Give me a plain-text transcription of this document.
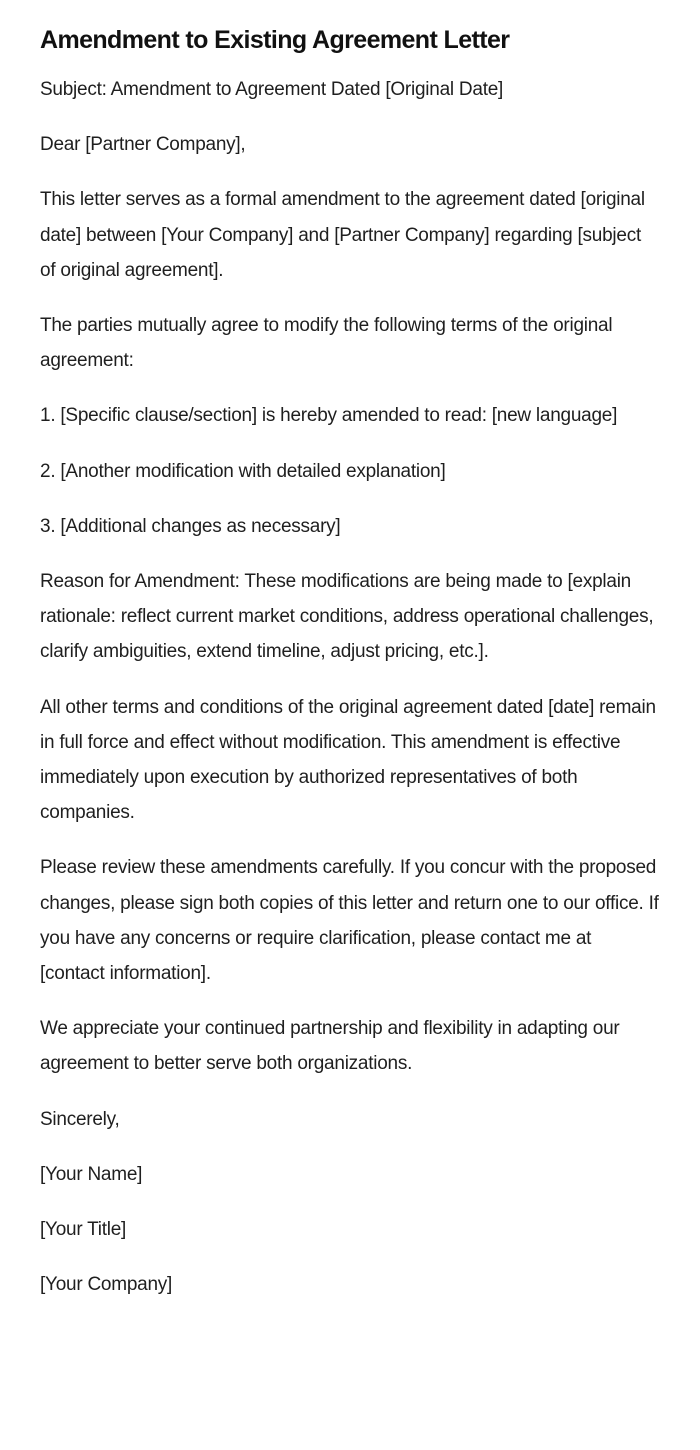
Amendment to Existing Agreement Letter

Subject: Amendment to Agreement Dated [Original Date]

Dear [Partner Company],

This letter serves as a formal amendment to the agreement dated [original date] between [Your Company] and [Partner Company] regarding [subject of original agreement].

The parties mutually agree to modify the following terms of the original agreement:

1. [Specific clause/section] is hereby amended to read: [new language]

2. [Another modification with detailed explanation]

3. [Additional changes as necessary]

Reason for Amendment: These modifications are being made to [explain rationale: reflect current market conditions, address operational challenges, clarify ambiguities, extend timeline, adjust pricing, etc.].

All other terms and conditions of the original agreement dated [date] remain in full force and effect without modification. This amendment is effective immediately upon execution by authorized representatives of both companies.

Please review these amendments carefully. If you concur with the proposed changes, please sign both copies of this letter and return one to our office. If you have any concerns or require clarification, please contact me at [contact information].

We appreciate your continued partnership and flexibility in adapting our agreement to better serve both organizations.

Sincerely,

[Your Name]

[Your Title]

[Your Company]
